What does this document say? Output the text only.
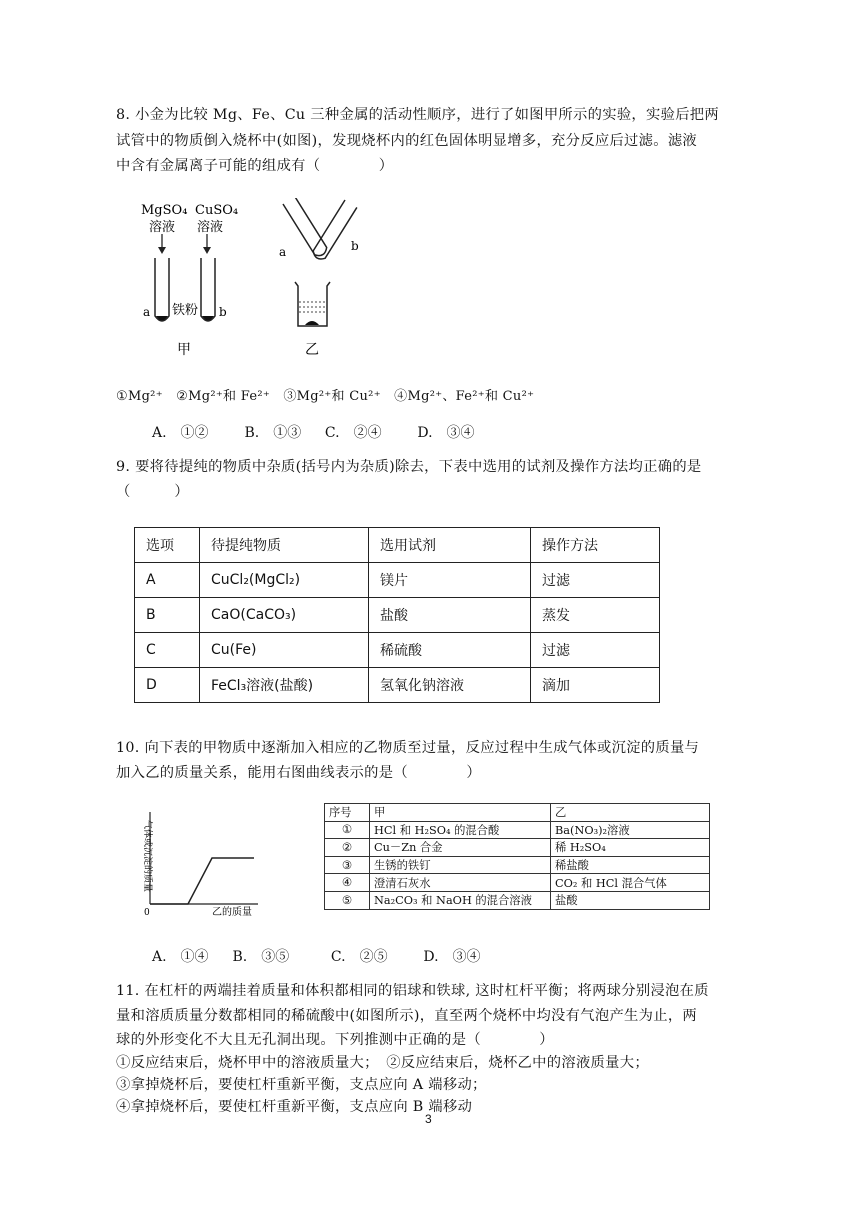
8. 小金为比较 Mg、Fe、Cu 三种金属的活动性顺序，进行了如图甲所示的实验，实验后把两
试管中的物质倒入烧杯中(如图)，发现烧杯内的红色固体明显增多，充分反应后过滤。滤液
中含有金属离子可能的组成有（　　　　）
MgSO₄ CuSO₄
溶液 溶液
a	b
铁粉
甲
a	b
乙
①Mg²⁺　②Mg²⁺和 Fe²⁺　③Mg²⁺和 Cu²⁺　④Mg²⁺、Fe²⁺和 Cu²⁺
A.　①②	B.　①③ C.　②④	D.　③④
9. 要将待提纯的物质中杂质(括号内为杂质)除去，下表中选用的试剂及操作方法均正确的是
（　　　）
选项	待提纯物质	选用试剂	操作方法
A	CuCl₂(MgCl₂)	镁片	过滤
B	CaO(CaCO₃)	盐酸	蒸发
C	Cu(Fe)	稀硫酸	过滤
D	FeCl₃溶液(盐酸)	氢氧化钠溶液	滴加
10. 向下表的甲物质中逐渐加入相应的乙物质至过量，反应过程中生成气体或沉淀的质量与
加入乙的质量关系，能用右图曲线表示的是（　　　　）
0	乙的质量
气体或沉淀的质量
序号	甲	乙
①	HCl 和 H₂SO₄ 的混合酸	Ba(NO₃)₂溶液
②	Cu－Zn 合金	稀 H₂SO₄
③	生锈的铁钉	稀盐酸
④	澄清石灰水	CO₂ 和 HCl 混合气体
⑤	Na₂CO₃ 和 NaOH 的混合溶液	盐酸
A.　①④ B.　③⑤	C.　②⑤	D.　③④
11. 在杠杆的两端挂着质量和体积都相同的铝球和铁球, 这时杠杆平衡；将两球分别浸泡在质
量和溶质质量分数都相同的稀硫酸中(如图所示)，直至两个烧杯中均没有气泡产生为止，两
球的外形变化不大且无孔洞出现。下列推测中正确的是（　　　　）
①反应结束后，烧杯甲中的溶液质量大；　②反应结束后，烧杯乙中的溶液质量大；
③拿掉烧杯后，要使杠杆重新平衡，支点应向 A 端移动；
④拿掉烧杯后，要使杠杆重新平衡，支点应向 B 端移动
3
